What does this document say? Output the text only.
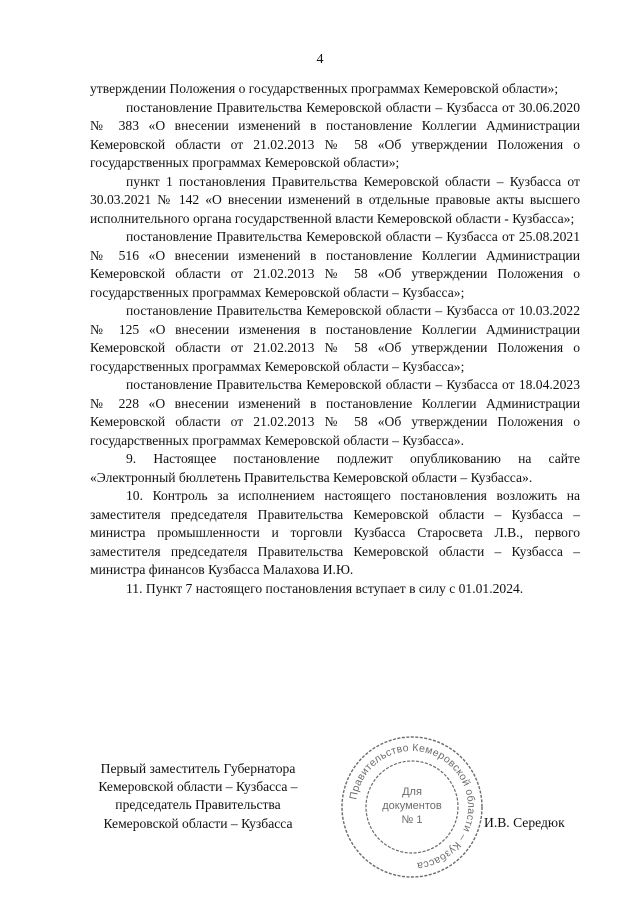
4

утверждении Положения о государственных программах Кемеровской области»;

постановление Правительства Кемеровской области – Кузбасса от 30.06.2020 № 383 «О внесении изменений в постановление Коллегии Администрации Кемеровской области от 21.02.2013 № 58 «Об утверждении Положения о государственных программах Кемеровской области»;

пункт 1 постановления Правительства Кемеровской области – Кузбасса от 30.03.2021 № 142 «О внесении изменений в отдельные правовые акты высшего исполнительного органа государственной власти Кемеровской области - Кузбасса»;

постановление Правительства Кемеровской области – Кузбасса от 25.08.2021 № 516 «О внесении изменений в постановление Коллегии Администрации Кемеровской области от 21.02.2013 № 58 «Об утверждении Положения о государственных программах Кемеровской области – Кузбасса»;

постановление Правительства Кемеровской области – Кузбасса от 10.03.2022 № 125 «О внесении изменения в постановление Коллегии Администрации Кемеровской области от 21.02.2013 № 58 «Об утверждении Положения о государственных программах Кемеровской области – Кузбасса»;

постановление Правительства Кемеровской области – Кузбасса от 18.04.2023 № 228 «О внесении изменений в постановление Коллегии Администрации Кемеровской области от 21.02.2013 № 58 «Об утверждении Положения о государственных программах Кемеровской области – Кузбасса».

9. Настоящее постановление подлежит опубликованию на сайте «Электронный бюллетень Правительства Кемеровской области – Кузбасса».

10. Контроль за исполнением настоящего постановления возложить на заместителя председателя Правительства Кемеровской области – Кузбасса – министра промышленности и торговли Кузбасса Старосвета Л.В., первого заместителя председателя Правительства Кемеровской области – Кузбасса – министра финансов Кузбасса Малахова И.Ю.

11. Пункт 7 настоящего постановления вступает в силу с 01.01.2024.

Первый заместитель Губернатора
Кемеровской области – Кузбасса –
председатель Правительства
Кемеровской области – Кузбасса
Правительство Кемеровской области – Кузбасса
Для
документов
№ 1	И.В. Середюк
